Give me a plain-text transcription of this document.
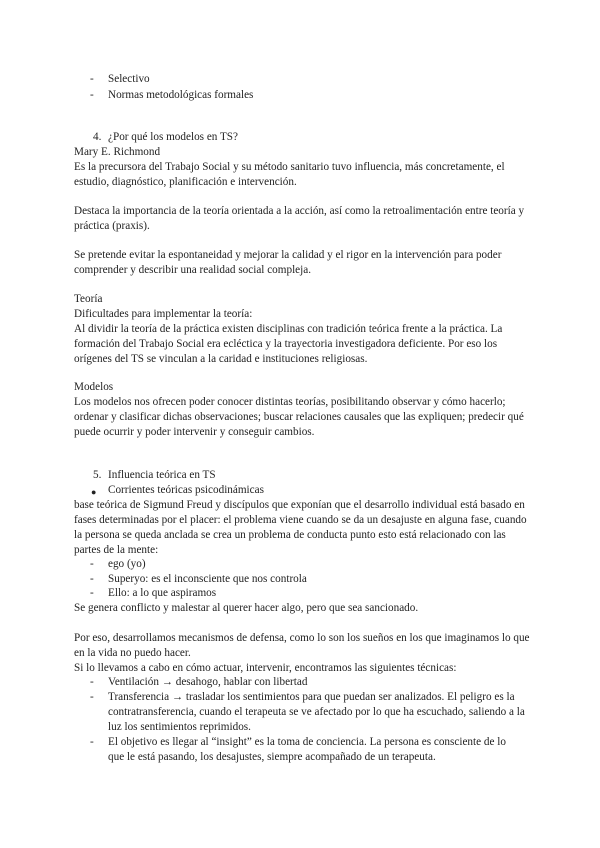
- Selectivo
- Normas metodológicas formales
4. ¿Por qué los modelos en TS?
Mary E. Richmond
Es la precursora del Trabajo Social y su método sanitario tuvo influencia, más concretamente, el
estudio, diagnóstico, planificación e intervención.
Destaca la importancia de la teoría orientada a la acción, así como la retroalimentación entre teoría y
práctica (praxis).
Se pretende evitar la espontaneidad y mejorar la calidad y el rigor en la intervención para poder
comprender y describir una realidad social compleja.
Teoría
Dificultades para implementar la teoría:
Al dividir la teoría de la práctica existen disciplinas con tradición teórica frente a la práctica. La
formación del Trabajo Social era ecléctica y la trayectoria investigadora deficiente. Por eso los
orígenes del TS se vinculan a la caridad e instituciones religiosas.
Modelos
Los modelos nos ofrecen poder conocer distintas teorías, posibilitando observar y cómo hacerlo;
ordenar y clasificar dichas observaciones; buscar relaciones causales que las expliquen; predecir qué
puede ocurrir y poder intervenir y conseguir cambios.
5. Influencia teórica en TS
● Corrientes teóricas psicodinámicas
base teórica de Sigmund Freud y discípulos que exponían que el desarrollo individual está basado en
fases determinadas por el placer: el problema viene cuando se da un desajuste en alguna fase, cuando
la persona se queda anclada se crea un problema de conducta punto esto está relacionado con las
partes de la mente:
- ego (yo)
- Superyo: es el inconsciente que nos controla
- Ello: a lo que aspiramos
Se genera conflicto y malestar al querer hacer algo, pero que sea sancionado.
Por eso, desarrollamos mecanismos de defensa, como lo son los sueños en los que imaginamos lo que
en la vida no puedo hacer.
Si lo llevamos a cabo en cómo actuar, intervenir, encontramos las siguientes técnicas:
- Ventilación → desahogo, hablar con libertad
- Transferencia → trasladar los sentimientos para que puedan ser analizados. El peligro es la
contratransferencia, cuando el terapeuta se ve afectado por lo que ha escuchado, saliendo a la
luz los sentimientos reprimidos.
- El objetivo es llegar al “insight” es la toma de conciencia. La persona es consciente de lo
que le está pasando, los desajustes, siempre acompañado de un terapeuta.
